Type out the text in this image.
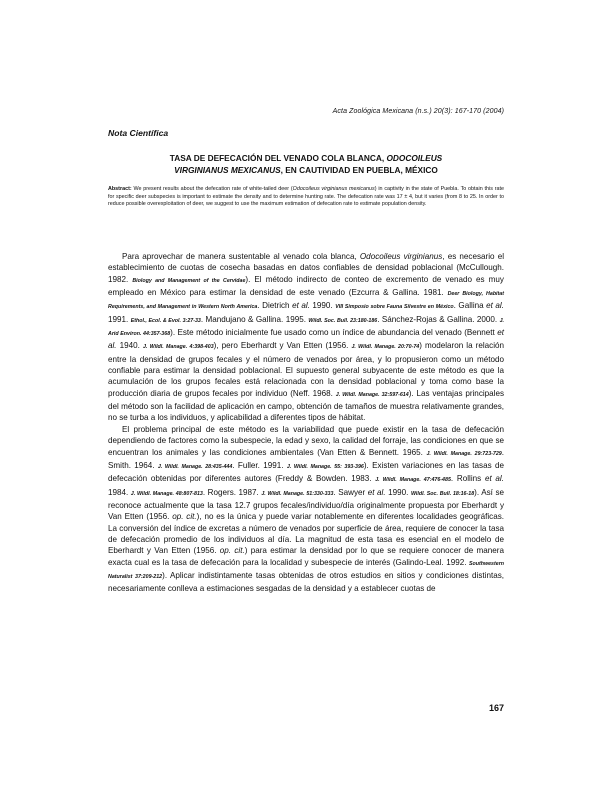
Acta Zoológica Mexicana (n.s.) 20(3): 167-170 (2004)
Nota Científica
TASA DE DEFECACIÓN DEL VENADO COLA BLANCA, ODOCOILEUS
VIRGINIANUS MEXICANUS, EN CAUTIVIDAD EN PUEBLA, MÉXICO
Abstract: We present results about the defecation rate of white-tailed deer (Odocoileus virginianus mexicanus) in captivity in the state of Puebla. To obtain this rate for specific deer subspecies is important to estimate the density and to determine hunting rate. The defecation rate was 17 ± 4, but it varies (from 8 to 25. In order to reduce possible overexploitation of deer, we suggest to use the maximum estimation of defecation rate to estimate population density.

Para aprovechar de manera sustentable al venado cola blanca, Odocoileus virginianus, es necesario el establecimiento de cuotas de cosecha basadas en datos confiables de densidad poblacional (McCullough. 1982. Biology and Management of the Cervidae). El método indirecto de conteo de excremento de venado es muy empleado en México para estimar la densidad de este venado (Ezcurra & Gallina. 1981. Deer Biology, Habitat Requirements, and Management in Western North America. Dietrich et al. 1990. VIII Simposio sobre Fauna Silvestre en México. Gallina et al. 1991. Ethol., Ecol. & Evol. 3:27-33. Mandujano & Gallina. 1995. Wildl. Soc. Bull. 23:180-186. Sánchez-Rojas & Gallina. 2000. J. Arid Environ. 44:357-368). Este método inicialmente fue usado como un índice de abundancia del venado (Bennett et al. 1940. J. Wildl. Manage. 4:398-403), pero Eberhardt y Van Etten (1956. J. Wildl. Manage. 20:70-74) modelaron la relación entre la densidad de grupos fecales y el número de venados por área, y lo propusieron como un método confiable para estimar la densidad poblacional. El supuesto general subyacente de este método es que la acumulación de los grupos fecales está relacionada con la densidad poblacional y toma como base la producción diaria de grupos fecales por individuo (Neff. 1968. J. Wildl. Manage. 32:597-614). Las ventajas principales del método son la facilidad de aplicación en campo, obtención de tamaños de muestra relativamente grandes, no se turba a los individuos, y aplicabilidad a diferentes tipos de hábitat.

El problema principal de este método es la variabilidad que puede existir en la tasa de defecación dependiendo de factores como la subespecie, la edad y sexo, la calidad del forraje, las condiciones en que se encuentran los animales y las condiciones ambientales (Van Etten & Bennett. 1965. J. Wildl. Manage. 29:723-729. Smith. 1964. J. Wildl. Manage. 28:435-444. Fuller. 1991. J. Wildl. Manage. 55: 393-396). Existen variaciones en las tasas de defecación obtenidas por diferentes autores (Freddy & Bowden. 1983. J. Wildl. Manage. 47:476-485. Rollins et al. 1984. J. Wildl. Manage. 48:807-813. Rogers. 1987. J. Wildl. Manage. 51:330-333. Sawyer et al. 1990. Wildl. Soc. Bull. 18:16-18). Así se reconoce actualmente que la tasa 12.7 grupos fecales/individuo/día originalmente propuesta por Eberhardt y Van Etten (1956. op. cit.), no es la única y puede variar notablemente en diferentes localidades geográficas. La conversión del índice de excretas a número de venados por superficie de área, requiere de conocer la tasa de defecación promedio de los individuos al día. La magnitud de esta tasa es esencial en el modelo de Eberhardt y Van Etten (1956. op. cit.) para estimar la densidad por lo que se requiere conocer de manera exacta cual es la tasa de defecación para la localidad y subespecie de interés (Galindo-Leal. 1992. Southwestern Naturalist 37:209-212). Aplicar indistintamente tasas obtenidas de otros estudios en sitios y condiciones distintas, necesariamente conlleva a estimaciones sesgadas de la densidad y a establecer cuotas de

167
